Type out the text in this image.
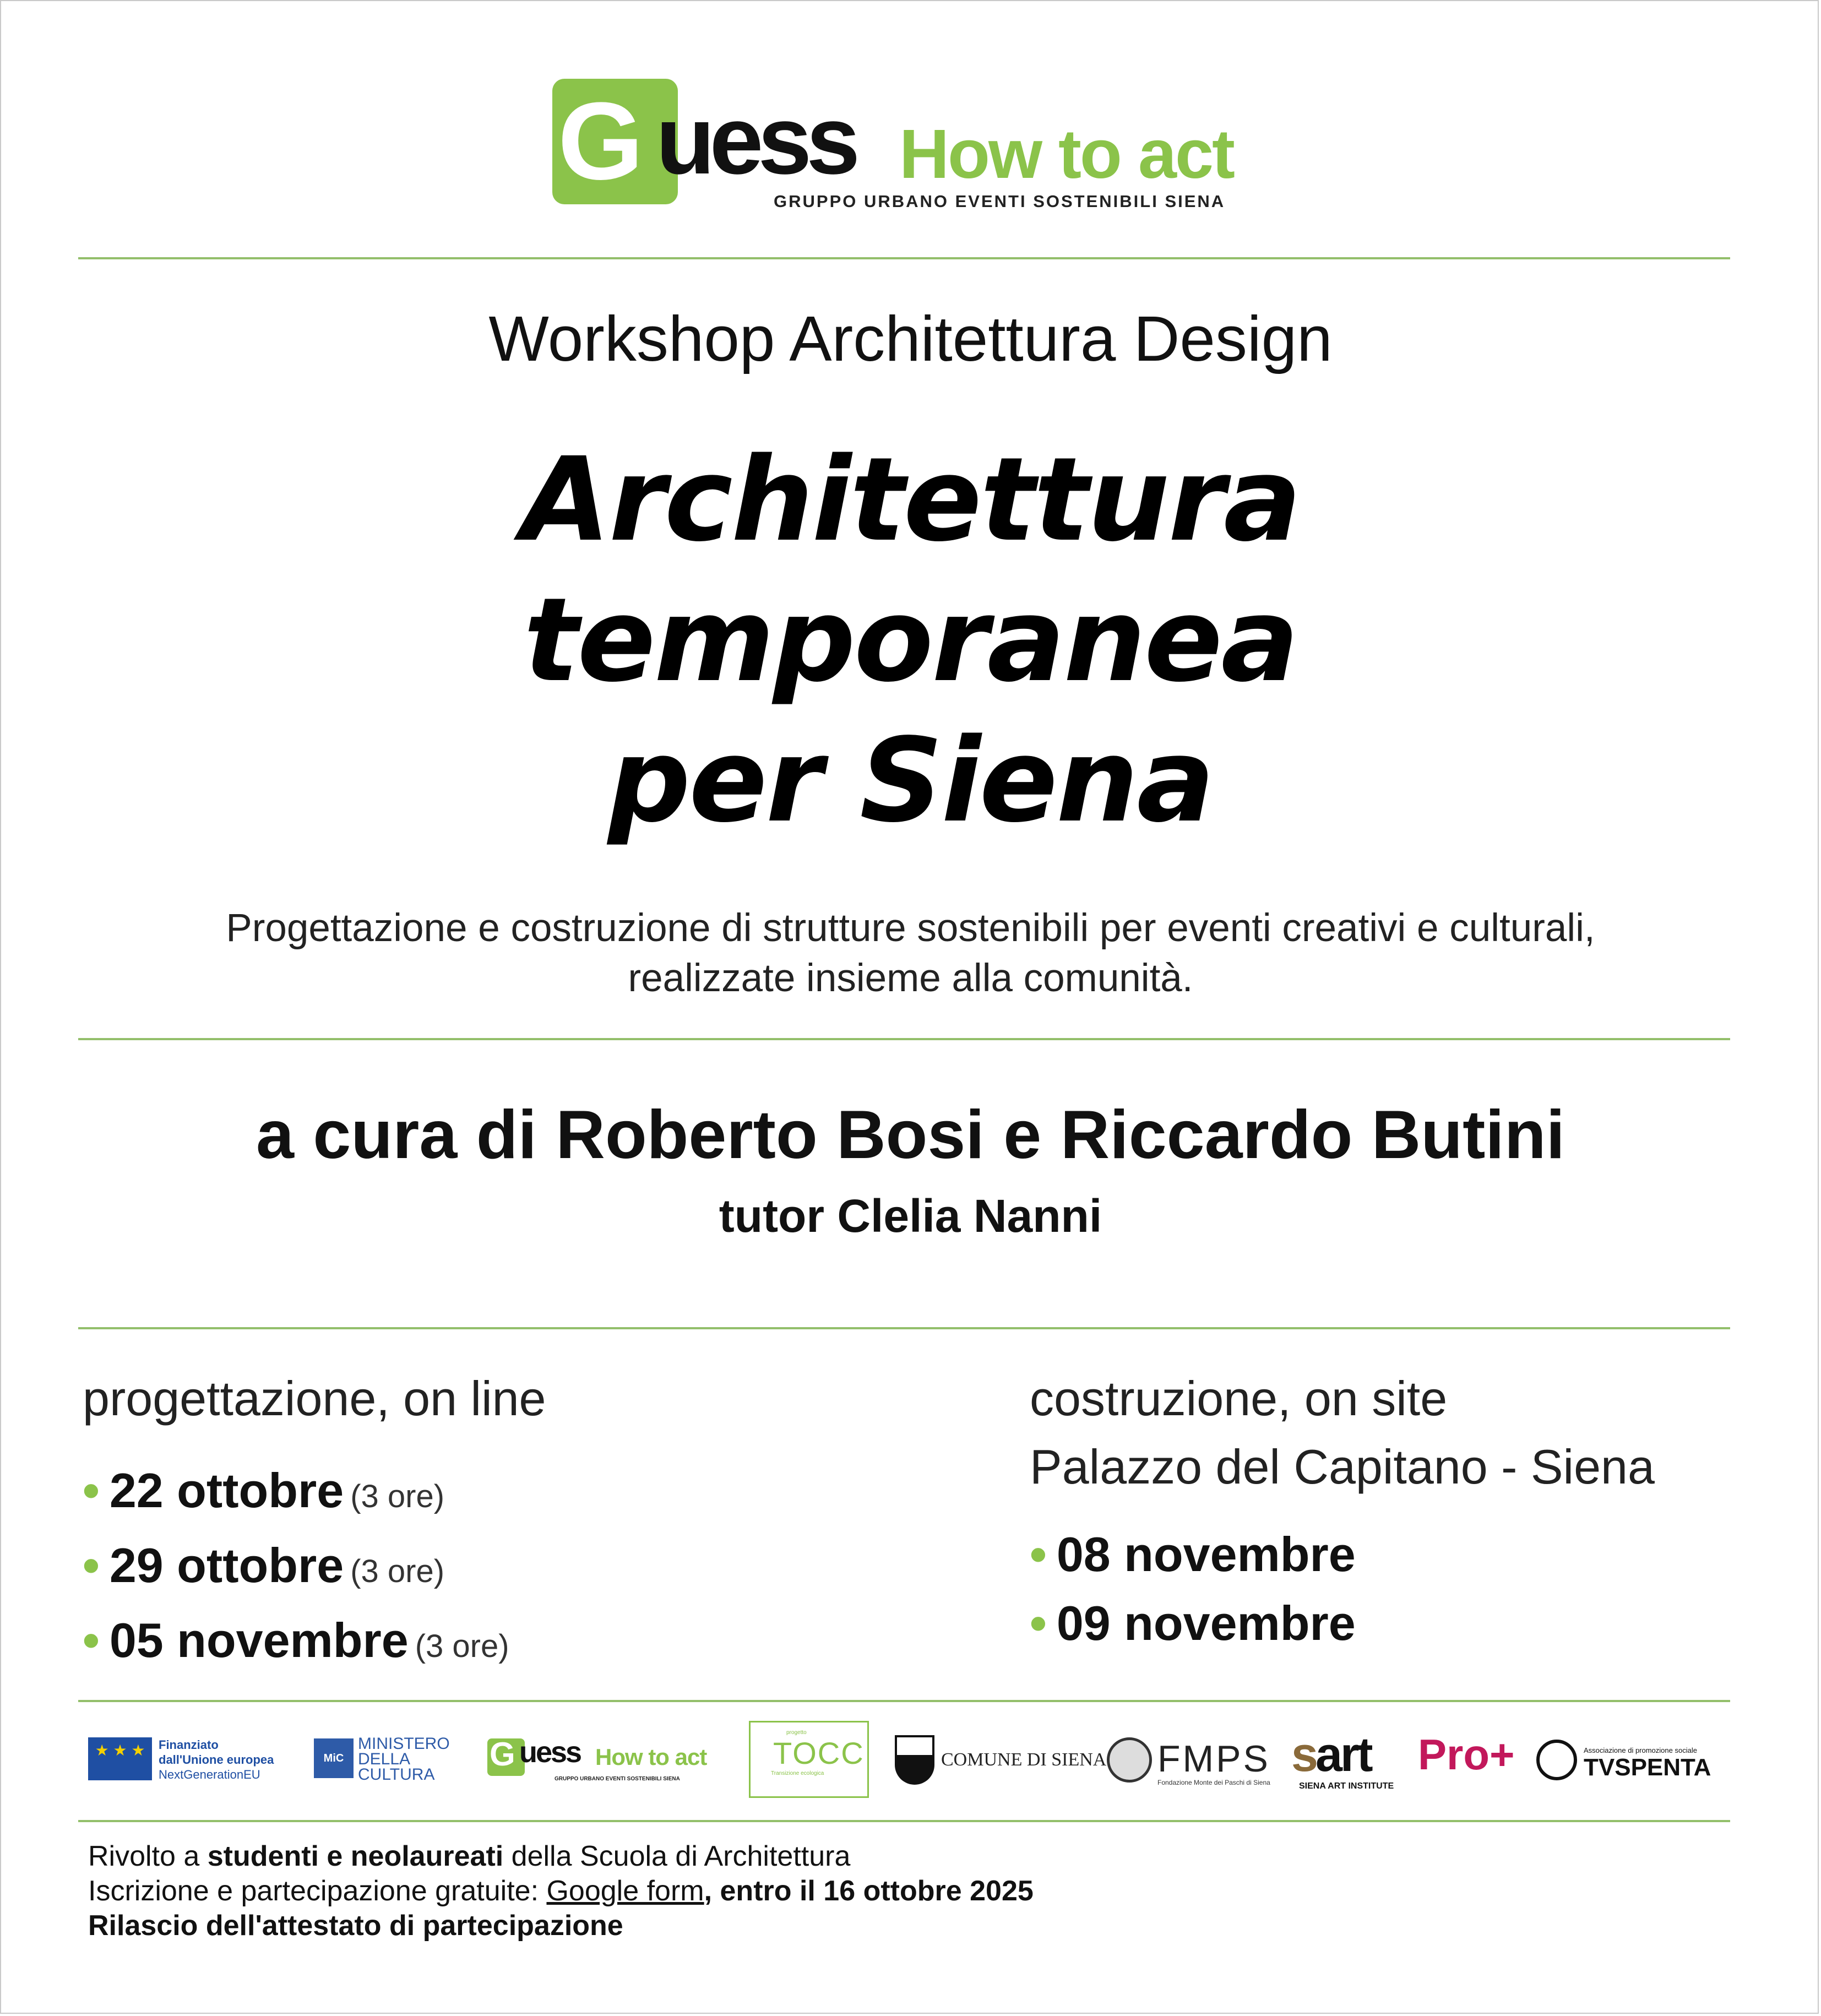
G uess How to act
GRUPPO URBANO EVENTI SOSTENIBILI SIENA
Workshop Architettura Design
Architettura
temporanea
per Siena
Progettazione e costruzione di strutture sostenibili per eventi creativi e culturali,
realizzate insieme alla comunità.
a cura di Roberto Bosi e Riccardo Butini
tutor Clelia Nanni
progettazione, on line
• 22 ottobre (3 ore)
• 29 ottobre (3 ore)
• 05 novembre (3 ore)
costruzione, on site
Palazzo del Capitano - Siena
• 08 novembre
• 09 novembre
★ ★ ★	Finanziato
dall'Unione europea
NextGenerationEU
MiC
MINISTERO
DELLA
CULTURA
G uess How to act
GRUPPO URBANO EVENTI SOSTENIBILI SIENA
progetto
TOCC
Transizione ecologica
COMUNE DI SIENA FMPS
Fondazione Monte dei Paschi di Siena
s
art
SIENA ART INSTITUTE
Pro+	Associazione di promozione sociale
TVSPENTA
Rivolto a studenti e neolaureati della Scuola di Architettura
Iscrizione e partecipazione gratuite: Google form, entro il 16 ottobre 2025
Rilascio dell'attestato di partecipazione
